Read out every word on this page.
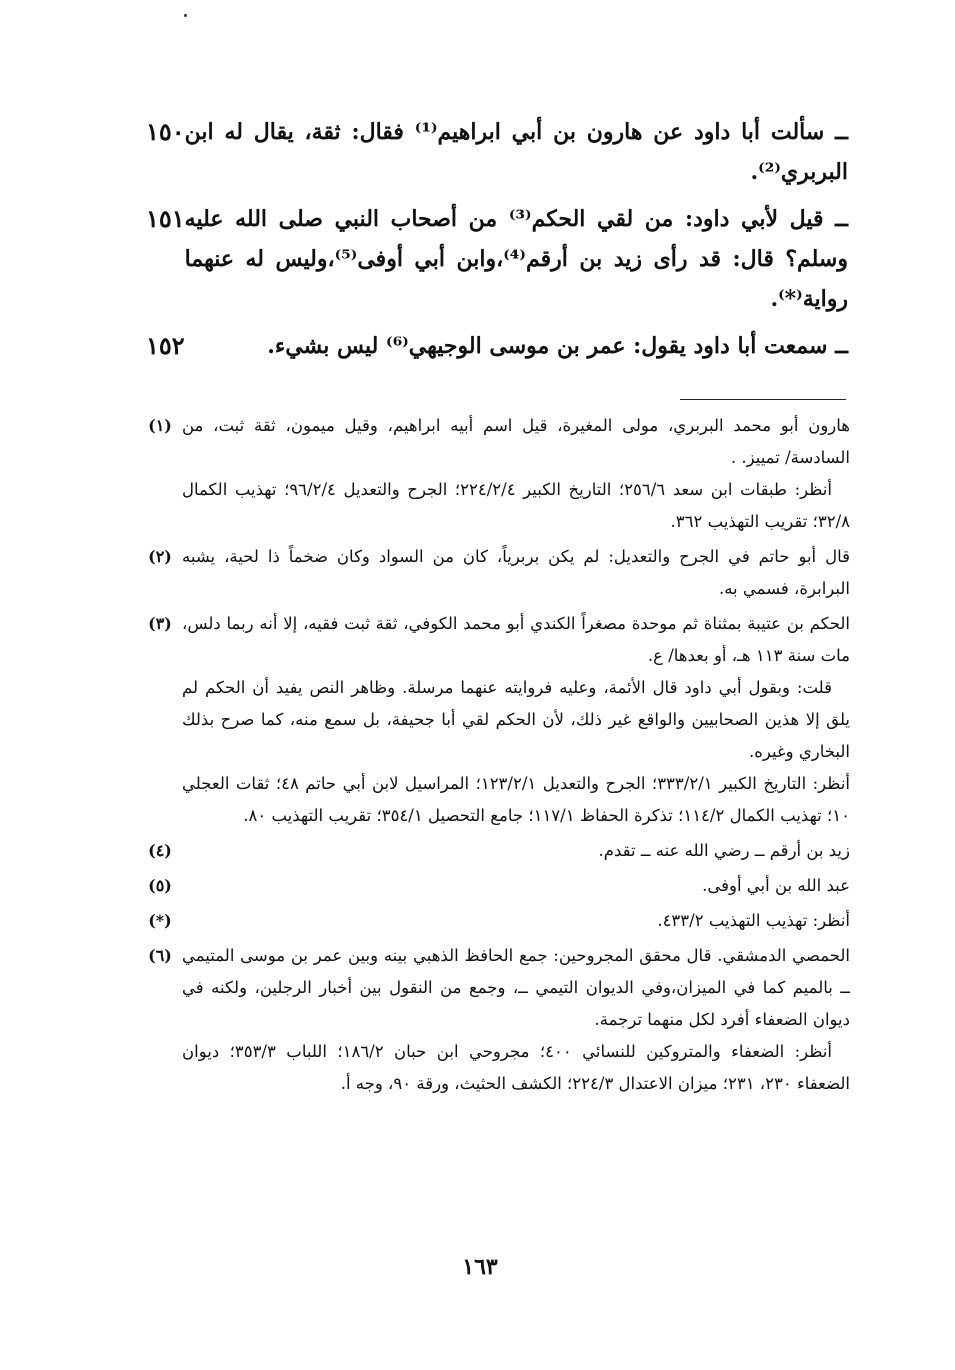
١٥٠ ــ سألت أبا داود عن هارون بن أبي ابراهيم⁽¹⁾ فقال: ثقة، يقال له ابن البربري⁽²⁾.
١٥١ ــ قيل لأبي داود: من لقي الحكم⁽³⁾ من أصحاب النبي صلى الله عليه وسلم؟ قال: قد رأى زيد بن أرقم⁽⁴⁾،وابن أبي أوفى⁽⁵⁾،وليس له عنهما رواية⁽*⁾.
١٥٢	ــ سمعت أبا داود يقول: عمر بن موسى الوجيهي⁽⁶⁾ ليس بشيء.
(١) هارون أبو محمد البربري، مولى المغيرة، قيل اسم أبيه ابراهيم، وقيل ميمون، ثقة ثبت، من السادسة/ تمييز. .

أنظر: طبقات ابن سعد ٢٥٦/٦؛ التاريخ الكبير ٢٢٤/٢/٤؛ الجرح والتعديل ٩٦/٢/٤؛ تهذيب الكمال ٣٢/٨؛ تقريب التهذيب ٣٦٢.

(٢) قال أبو حاتم في الجرح والتعديل: لم يكن بربرياً، كان من السواد وكان ضخماً ذا لحية، يشبه البرابرة، فسمي به.

(٣) الحكم بن عتيبة بمثناة ثم موحدة مصغراً الكندي أبو محمد الكوفي، ثقة ثبت فقيه، إلا أنه ربما دلس، مات سنة ١١٣ هـ، أو بعدها/ ع.

قلت: وبقول أبي داود قال الأئمة، وعليه فروايته عنهما مرسلة. وظاهر النص يفيد أن الحكم لم يلق إلا هذين الصحابيين والواقع غير ذلك، لأن الحكم لقي أبا جحيفة، بل سمع منه، كما صرح بذلك البخاري وغيره.

أنظر: التاريخ الكبير ٣٣٣/٢/١؛ الجرح والتعديل ١٢٣/٢/١؛ المراسيل لابن أبي حاتم ٤٨؛ ثقات العجلي ١٠؛ تهذيب الكمال ١١٤/٢؛ تذكرة الحفاظ ١١٧/١؛ جامع التحصيل ٣٥٤/١؛ تقريب التهذيب ٨٠.

(٤)	زيد بن أرقم ــ رضي الله عنه ــ تقدم.

(٥)	عبد الله بن أبي أوفى.

(*)	أنظر: تهذيب التهذيب ٤٣٣/٢.

(٦) الحمصي الدمشقي. قال محقق المجروحين: جمع الحافظ الذهبي بينه وبين عمر بن موسى المتيمي ــ بالميم كما في الميزان،وفي الديوان التيمي ــ، وجمع من النقول بين أخبار الرجلين، ولكنه في ديوان الضعفاء أفرد لكل منهما ترجمة.

أنظر: الضعفاء والمتروكين للنسائي ٤٠٠؛ مجروحي ابن حبان ١٨٦/٢؛ اللباب ٣٥٣/٣؛ ديوان الضعفاء ٢٣٠، ٢٣١؛ ميزان الاعتدال ٢٢٤/٣؛ الكشف الحثيث، ورقة ٩٠، وجه أ.

١٦٣
